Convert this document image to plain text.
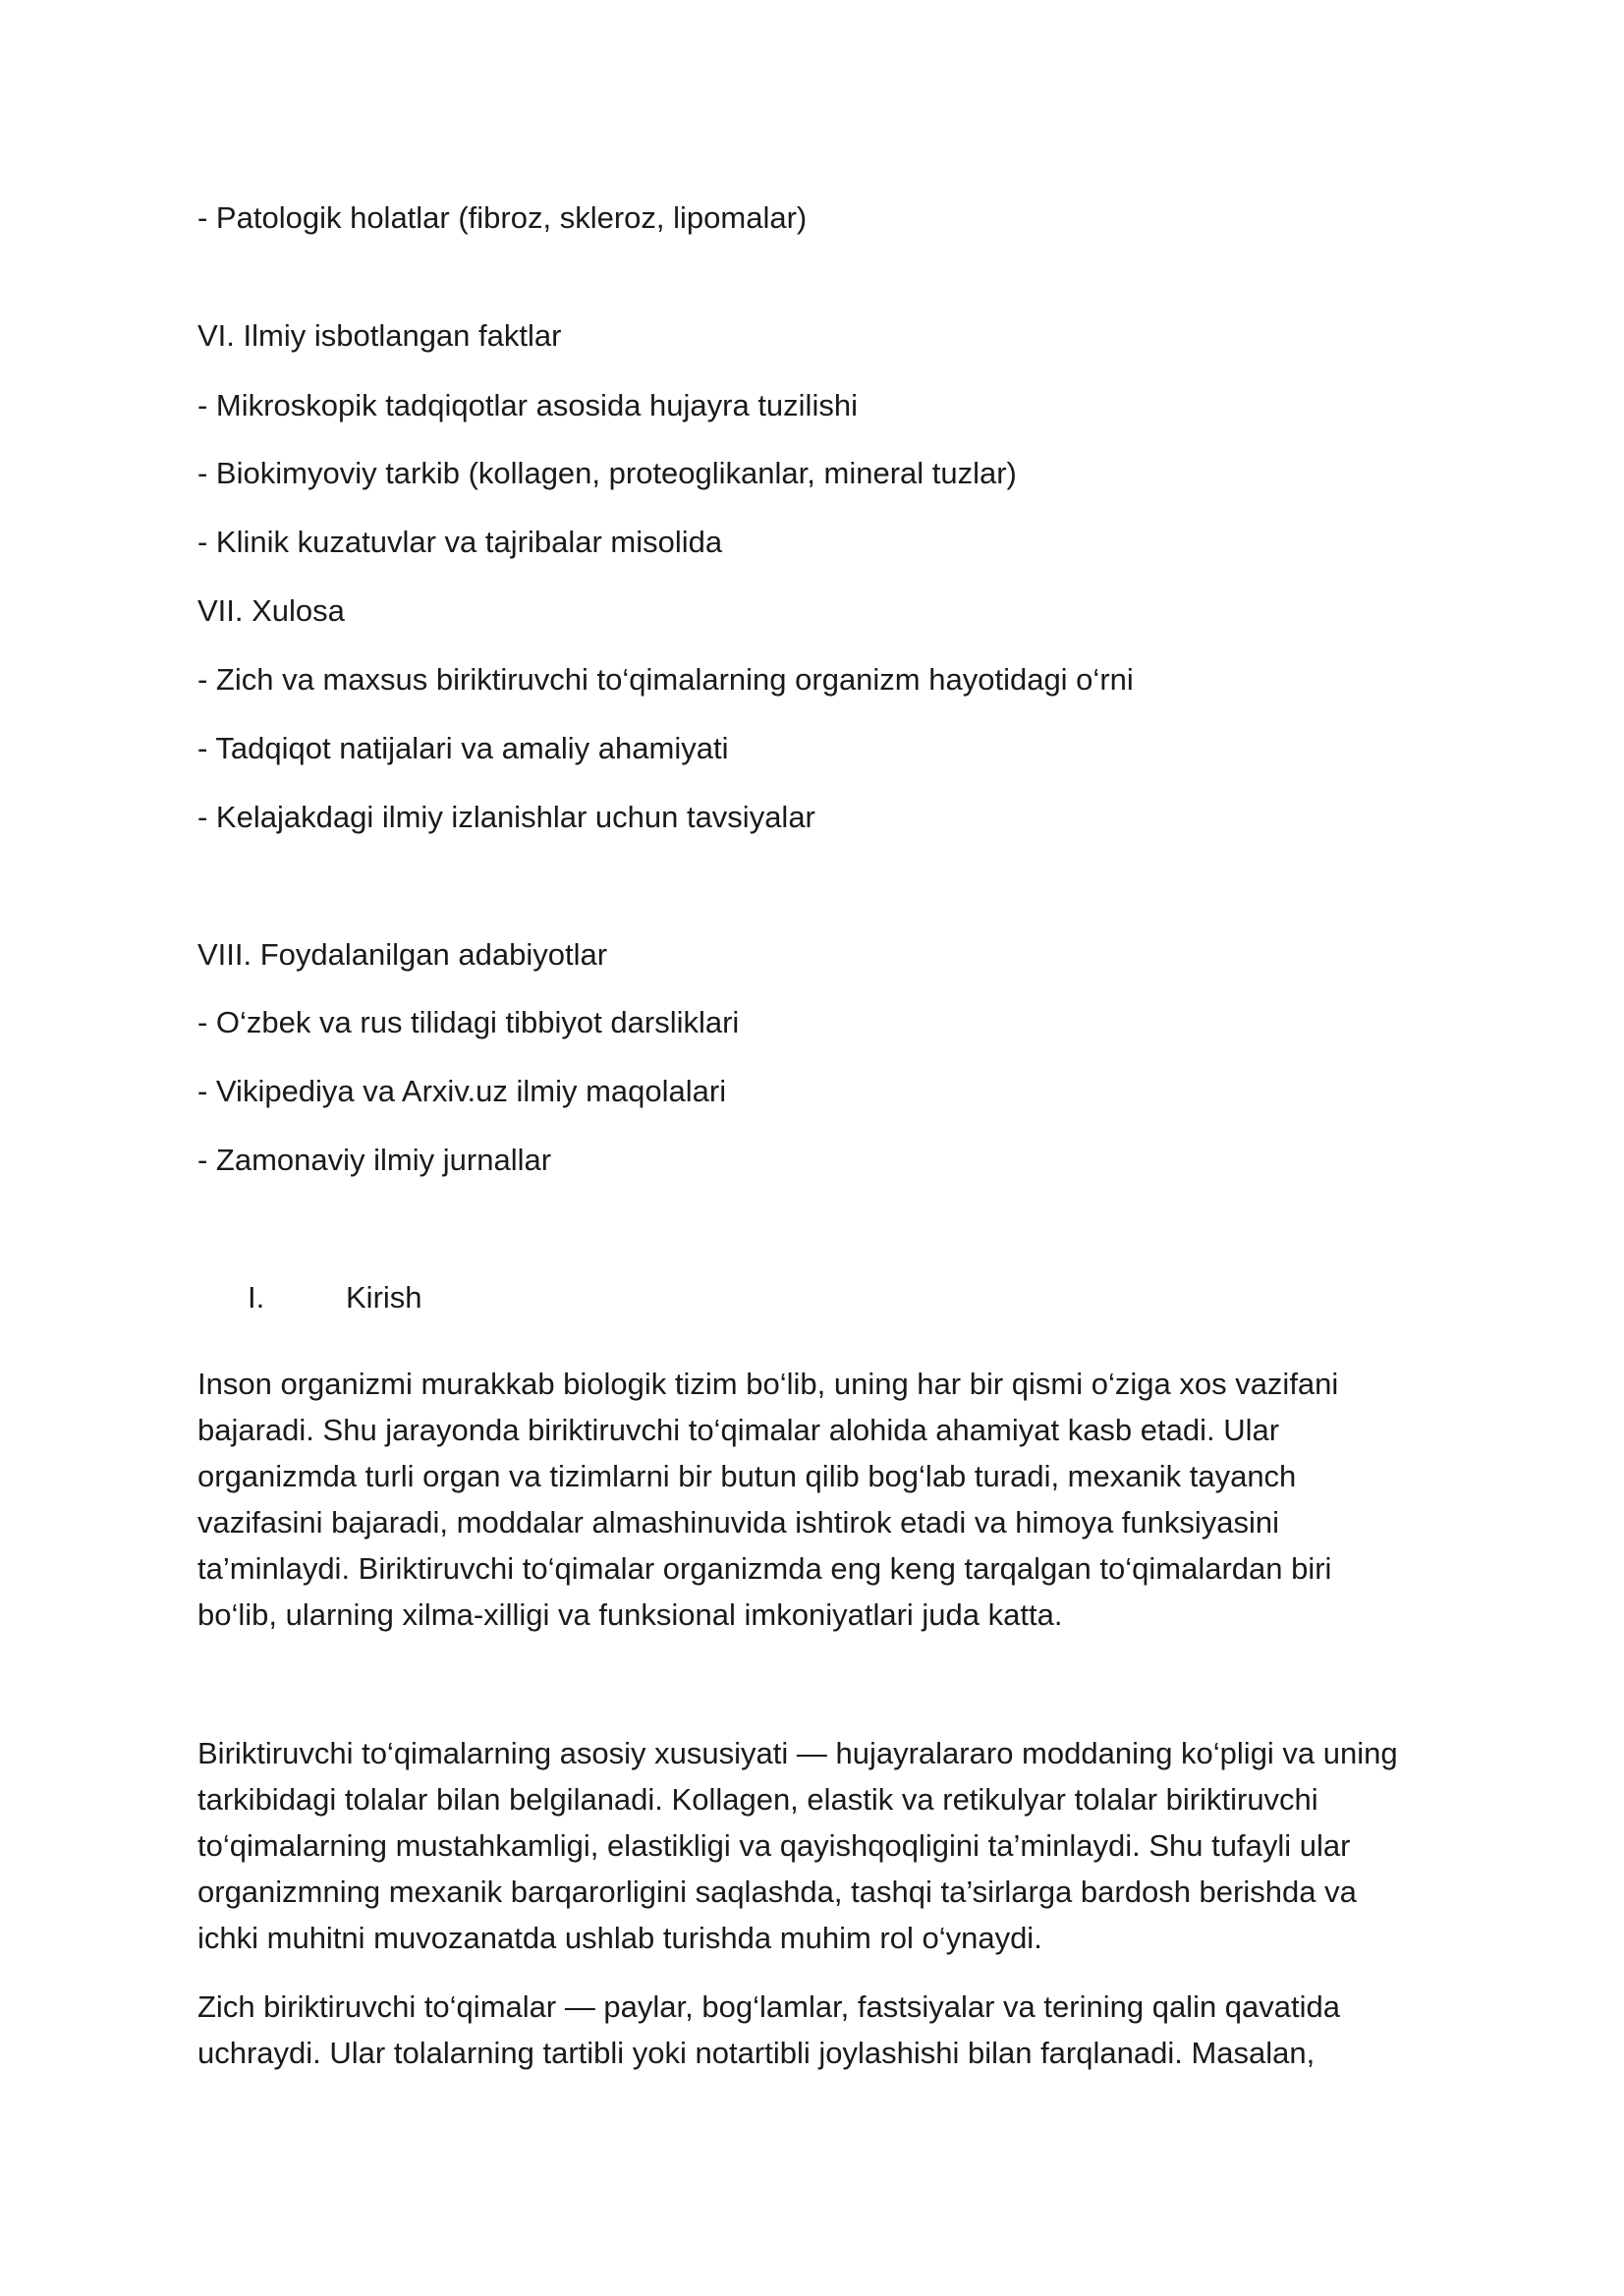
- Patologik holatlar (fibroz, skleroz, lipomalar)
VI. Ilmiy isbotlangan faktlar
- Mikroskopik tadqiqotlar asosida hujayra tuzilishi
- Biokimyoviy tarkib (kollagen, proteoglikanlar, mineral tuzlar)
- Klinik kuzatuvlar va tajribalar misolida
VII. Xulosa
- Zich va maxsus biriktiruvchi to‘qimalarning organizm hayotidagi o‘rni
- Tadqiqot natijalari va amaliy ahamiyati
- Kelajakdagi ilmiy izlanishlar uchun tavsiyalar
VIII. Foydalanilgan adabiyotlar
- O‘zbek va rus tilidagi tibbiyot darsliklari
- Vikipediya va Arxiv.uz ilmiy maqolalari
- Zamonaviy ilmiy jurnallar
I.	Kirish
Inson organizmi murakkab biologik tizim bo‘lib, uning har bir qismi o‘ziga xos vazifani bajaradi. Shu jarayonda biriktiruvchi to‘qimalar alohida ahamiyat kasb etadi. Ular organizmda turli organ va tizimlarni bir butun qilib bog‘lab turadi, mexanik tayanch vazifasini bajaradi, moddalar almashinuvida ishtirok etadi va himoya funksiyasini ta’minlaydi. Biriktiruvchi to‘qimalar organizmda eng keng tarqalgan to‘qimalardan biri bo‘lib, ularning xilma-xilligi va funksional imkoniyatlari juda katta.
Biriktiruvchi to‘qimalarning asosiy xususiyati — hujayralararo moddaning ko‘pligi va uning tarkibidagi tolalar bilan belgilanadi. Kollagen, elastik va retikulyar tolalar biriktiruvchi to‘qimalarning mustahkamligi, elastikligi va qayishqoqligini ta’minlaydi. Shu tufayli ular organizmning mexanik barqarorligini saqlashda, tashqi ta’sirlarga bardosh berishda va ichki muhitni muvozanatda ushlab turishda muhim rol o‘ynaydi.
Zich biriktiruvchi to‘qimalar — paylar, bog‘lamlar, fastsiyalar va terining qalin qavatida uchraydi. Ular tolalarning tartibli yoki notartibli joylashishi bilan farqlanadi. Masalan,
